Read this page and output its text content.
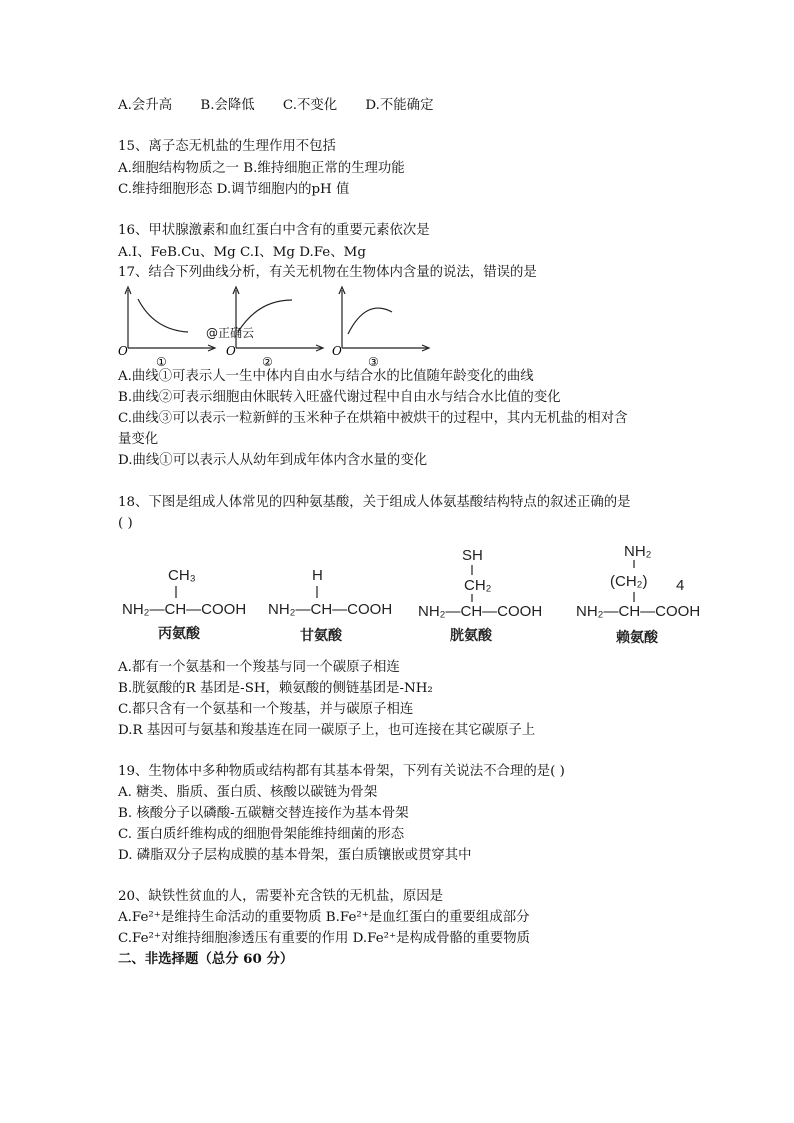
A.会升高 B.会降低 C.不变化 D.不能确定
15、离子态无机盐的生理作用不包括
A.细胞结构物质之一 B.维持细胞正常的生理功能
C.维持细胞形态 D.调节细胞内的pH 值
16、甲状腺激素和血红蛋白中含有的重要元素依次是
A.I、FeB.Cu、Mg C.I、Mg D.Fe、Mg
17、结合下列曲线分析，有关无机物在生物体内含量的说法，错误的是
O
①
@正确云
O
②
O
③
A.曲线①可表示人一生中体内自由水与结合水的比值随年龄变化的曲线
B.曲线②可表示细胞由休眠转入旺盛代谢过程中自由水与结合水比值的变化
C.曲线③可以表示一粒新鲜的玉米种子在烘箱中被烘干的过程中，其内无机盐的相对含
量变化
D.曲线①可以表示人从幼年到成年体内含水量的变化
18、下图是组成人体常见的四种氨基酸，关于组成人体氨基酸结构特点的叙述正确的是
( )
CH₃
NH₂—CH—COOH
丙氨酸
H
NH₂—CH—COOH
甘氨酸
SH
CH₂
NH₂—CH—COOH
胱氨酸
NH₂
(CH₂) 4
NH₂—CH—COOH
赖氨酸
A.都有一个氨基和一个羧基与同一个碳原子相连
B.胱氨酸的R 基团是-SH，赖氨酸的侧链基团是-NH₂
C.都只含有一个氨基和一个羧基，并与碳原子相连
D.R 基因可与氨基和羧基连在同一碳原子上，也可连接在其它碳原子上
19、生物体中多种物质或结构都有其基本骨架，下列有关说法不合理的是( )
A. 糖类、脂质、蛋白质、核酸以碳链为骨架
B. 核酸分子以磷酸-五碳糖交替连接作为基本骨架
C. 蛋白质纤维构成的细胞骨架能维持细菌的形态
D. 磷脂双分子层构成膜的基本骨架，蛋白质镶嵌或贯穿其中
20、缺铁性贫血的人，需要补充含铁的无机盐，原因是
A.Fe²⁺是维持生命活动的重要物质 B.Fe²⁺是血红蛋白的重要组成部分
C.Fe²⁺对维持细胞渗透压有重要的作用 D.Fe²⁺是构成骨骼的重要物质
二、非选择题（总分 60 分）
